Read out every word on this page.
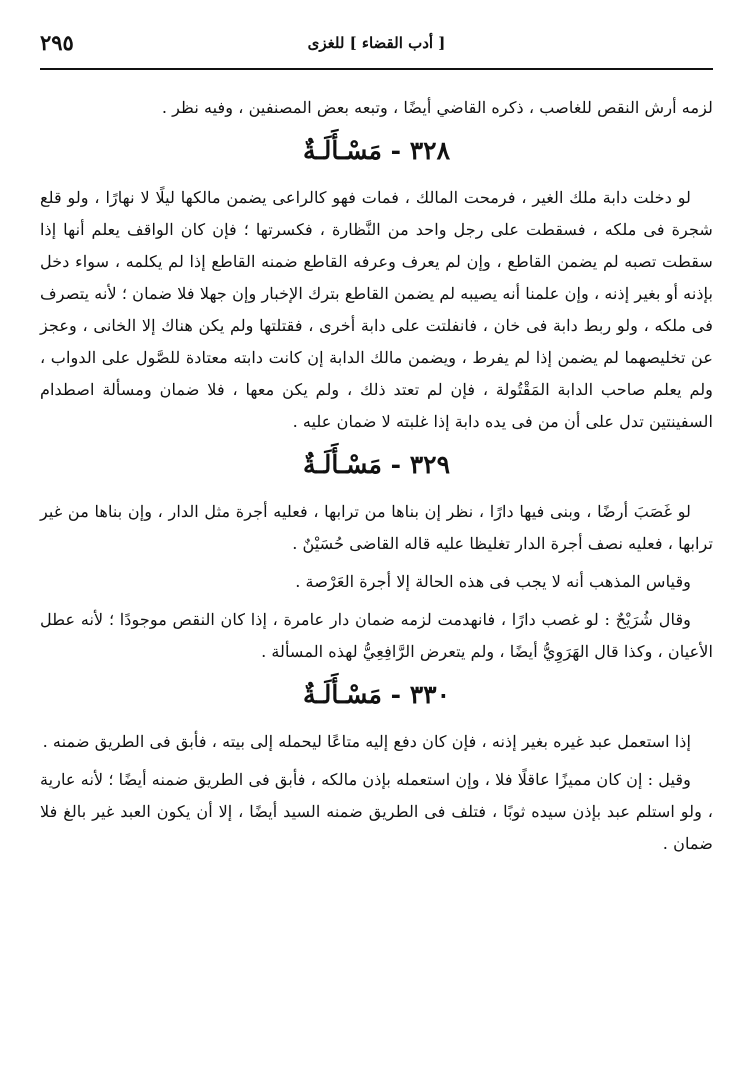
[ أدب القضاء ] للغزى
٢٩٥

لزمه أرش النقص للغاصب ، ذكره القاضي أيضًا ، وتبعه بعض المصنفين ، وفيه نظر .

٣٢٨ - مَسْـأَلَـةٌ

لو دخلت دابة ملك الغير ، فرمحت المالك ، فمات فهو كالراعى يضمن مالكها ليلًا لا نهارًا ، ولو قلع شجرة فى ملكه ، فسقطت على رجل واحد من النَّظارة ، فكسرتها ؛ فإن كان الواقف يعلم أنها إذا سقطت تصبه لم يضمن القاطع ، وإن لم يعرف وعرفه القاطع ضمنه القاطع إذا لم يكلمه ، سواء دخل بإذنه أو بغير إذنه ، وإن علمنا أنه يصيبه لم يضمن القاطع بترك الإخبار وإن جهلا فلا ضمان ؛ لأنه يتصرف فى ملكه ، ولو ربط دابة فى خان ، فانفلتت على دابة أخرى ، فقتلتها ولم يكن هناك إلا الخانى ، وعجز عن تخليصهما لم يضمن إذا لم يفرط ، ويضمن مالك الدابة إن كانت دابته معتادة للصَّول على الدواب ، ولم يعلم صاحب الدابة المَقْتُولة ، فإن لم تعتد ذلك ، ولم يكن معها ، فلا ضمان ومسألة اصطدام السفينتين تدل على أن من فى يده دابة إذا غلبته لا ضمان عليه .

٣٢٩ - مَسْـأَلَـةٌ

لو غَصَبَ أرضًا ، وبنى فيها دارًا ، نظر إن بناها من ترابها ، فعليه أجرة مثل الدار ، وإن بناها من غير ترابها ، فعليه نصف أجرة الدار تغليظا عليه قاله القاضى حُسَيْنٌ .

وقياس المذهب أنه لا يجب فى هذه الحالة إلا أجرة العَرْصة .

وقال شُرَيْحٌ : لو غصب دارًا ، فانهدمت لزمه ضمان دار عامرة ، إذا كان النقص موجودًا ؛ لأنه عطل الأعيان ، وكذا قال الهَرَوِيُّ أيضًا ، ولم يتعرض الرَّافِعِيُّ لهذه المسألة .

٣٣٠ - مَسْـأَلَـةٌ

إذا استعمل عبد غيره بغير إذنه ، فإن كان دفع إليه متاعًا ليحمله إلى بيته ، فأبق فى الطريق ضمنه .

وقيل : إن كان مميزًا عاقلًا فلا ، وإن استعمله بإذن مالكه ، فأبق فى الطريق ضمنه أيضًا ؛ لأنه عارية ، ولو استلم عبد بإذن سيده ثوبًا ، فتلف فى الطريق ضمنه السيد أيضًا ، إلا أن يكون العبد غير بالغ فلا ضمان .
